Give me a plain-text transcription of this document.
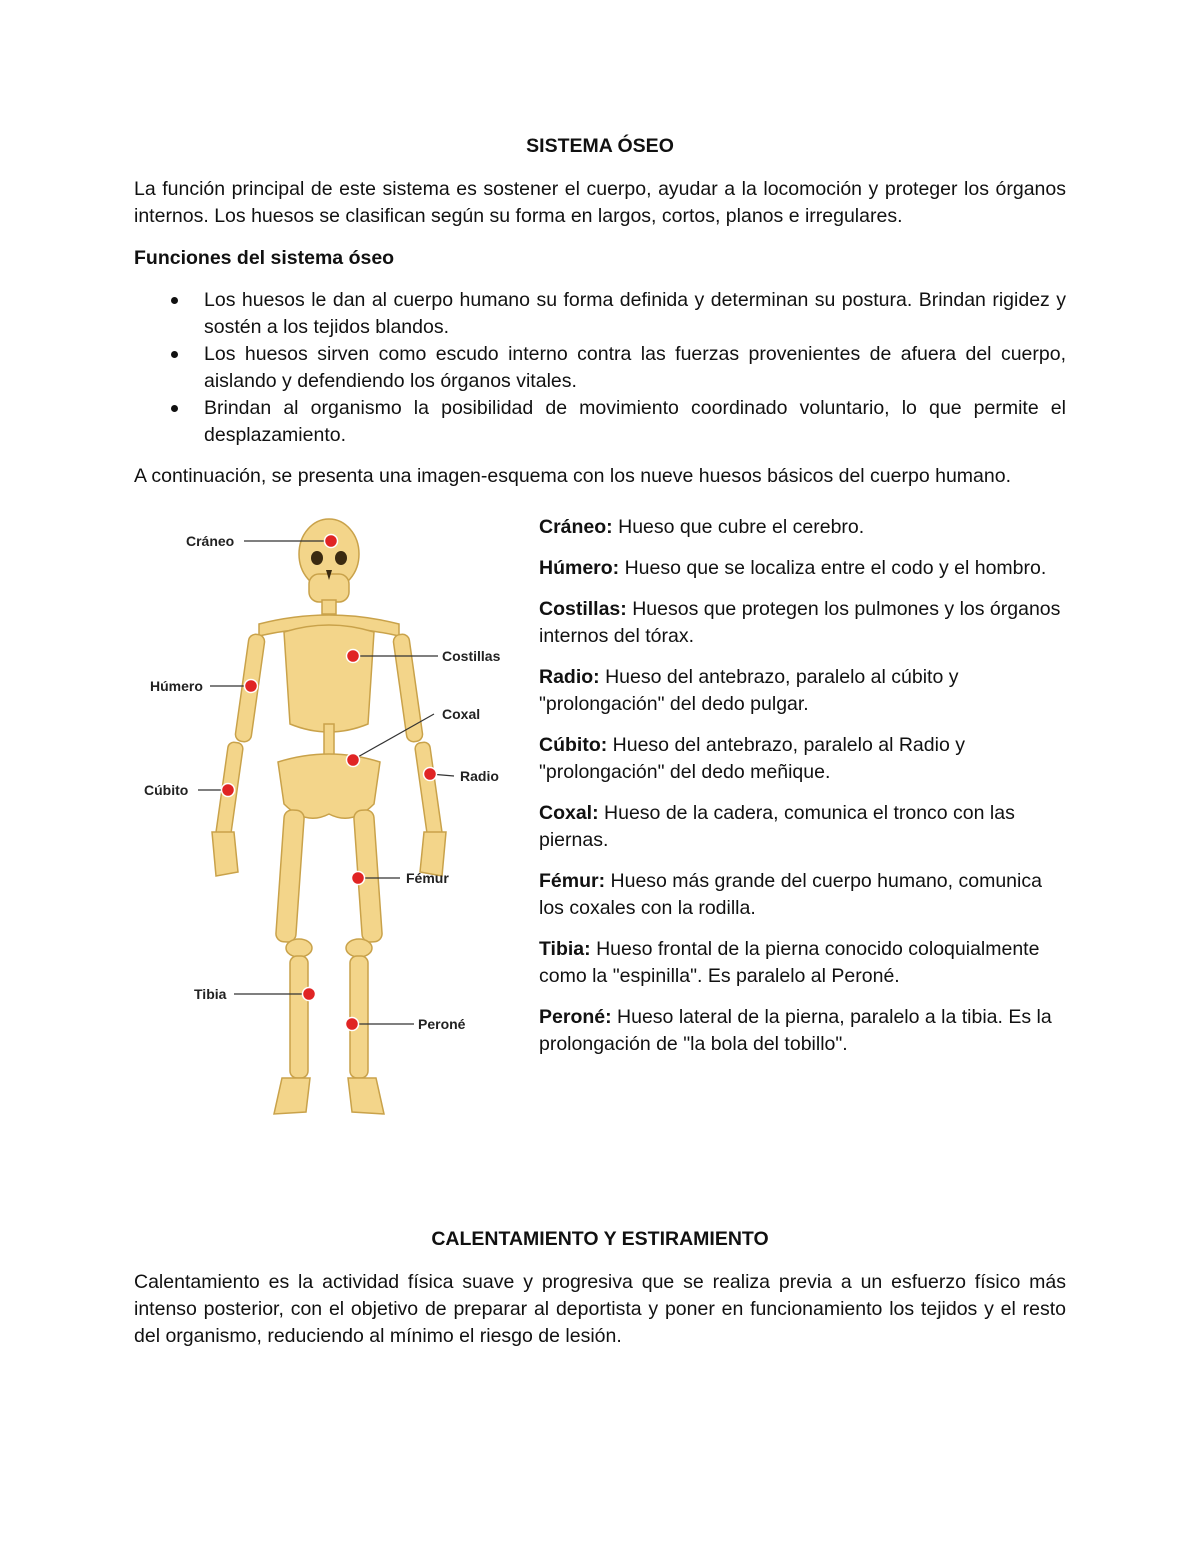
SISTEMA ÓSEO

La función principal de este sistema es sostener el cuerpo, ayudar a la locomoción y proteger los órganos internos. Los huesos se clasifican según su forma en largos, cortos, planos e irregulares.

Funciones del sistema óseo

Los huesos le dan al cuerpo humano su forma definida y determinan su postura. Brindan rigidez y sostén a los tejidos blandos.
Los huesos sirven como escudo interno contra las fuerzas provenientes de afuera del cuerpo, aislando y defendiendo los órganos vitales.
Brindan al organismo la posibilidad de movimiento coordinado voluntario, lo que permite el desplazamiento.

A continuación, se presenta una imagen-esquema con los nueve huesos básicos del cuerpo humano.

Cráneo
Costillas
Húmero
Coxal
Radio
Cúbito
Fémur
Tibia
Peroné

Cráneo: Hueso que cubre el cerebro.

Húmero: Hueso que se localiza entre el codo y el hombro.

Costillas: Huesos que protegen los pulmones y los órganos internos del tórax.

Radio: Hueso del antebrazo, paralelo al cúbito y "prolongación" del dedo pulgar.

Cúbito: Hueso del antebrazo, paralelo al Radio y "prolongación" del dedo meñique.

Coxal: Hueso de la cadera, comunica el tronco con las piernas.

Fémur: Hueso más grande del cuerpo humano, comunica los coxales con la rodilla.

Tibia: Hueso frontal de la pierna conocido coloquialmente como la "espinilla". Es paralelo al Peroné.

Peroné: Hueso lateral de la pierna, paralelo a la tibia. Es la prolongación de "la bola del tobillo".

CALENTAMIENTO Y ESTIRAMIENTO

Calentamiento es la actividad física suave y progresiva que se realiza previa a un esfuerzo físico más intenso posterior, con el objetivo de preparar al deportista y poner en funcionamiento los tejidos y el resto del organismo, reduciendo al mínimo el riesgo de lesión.
